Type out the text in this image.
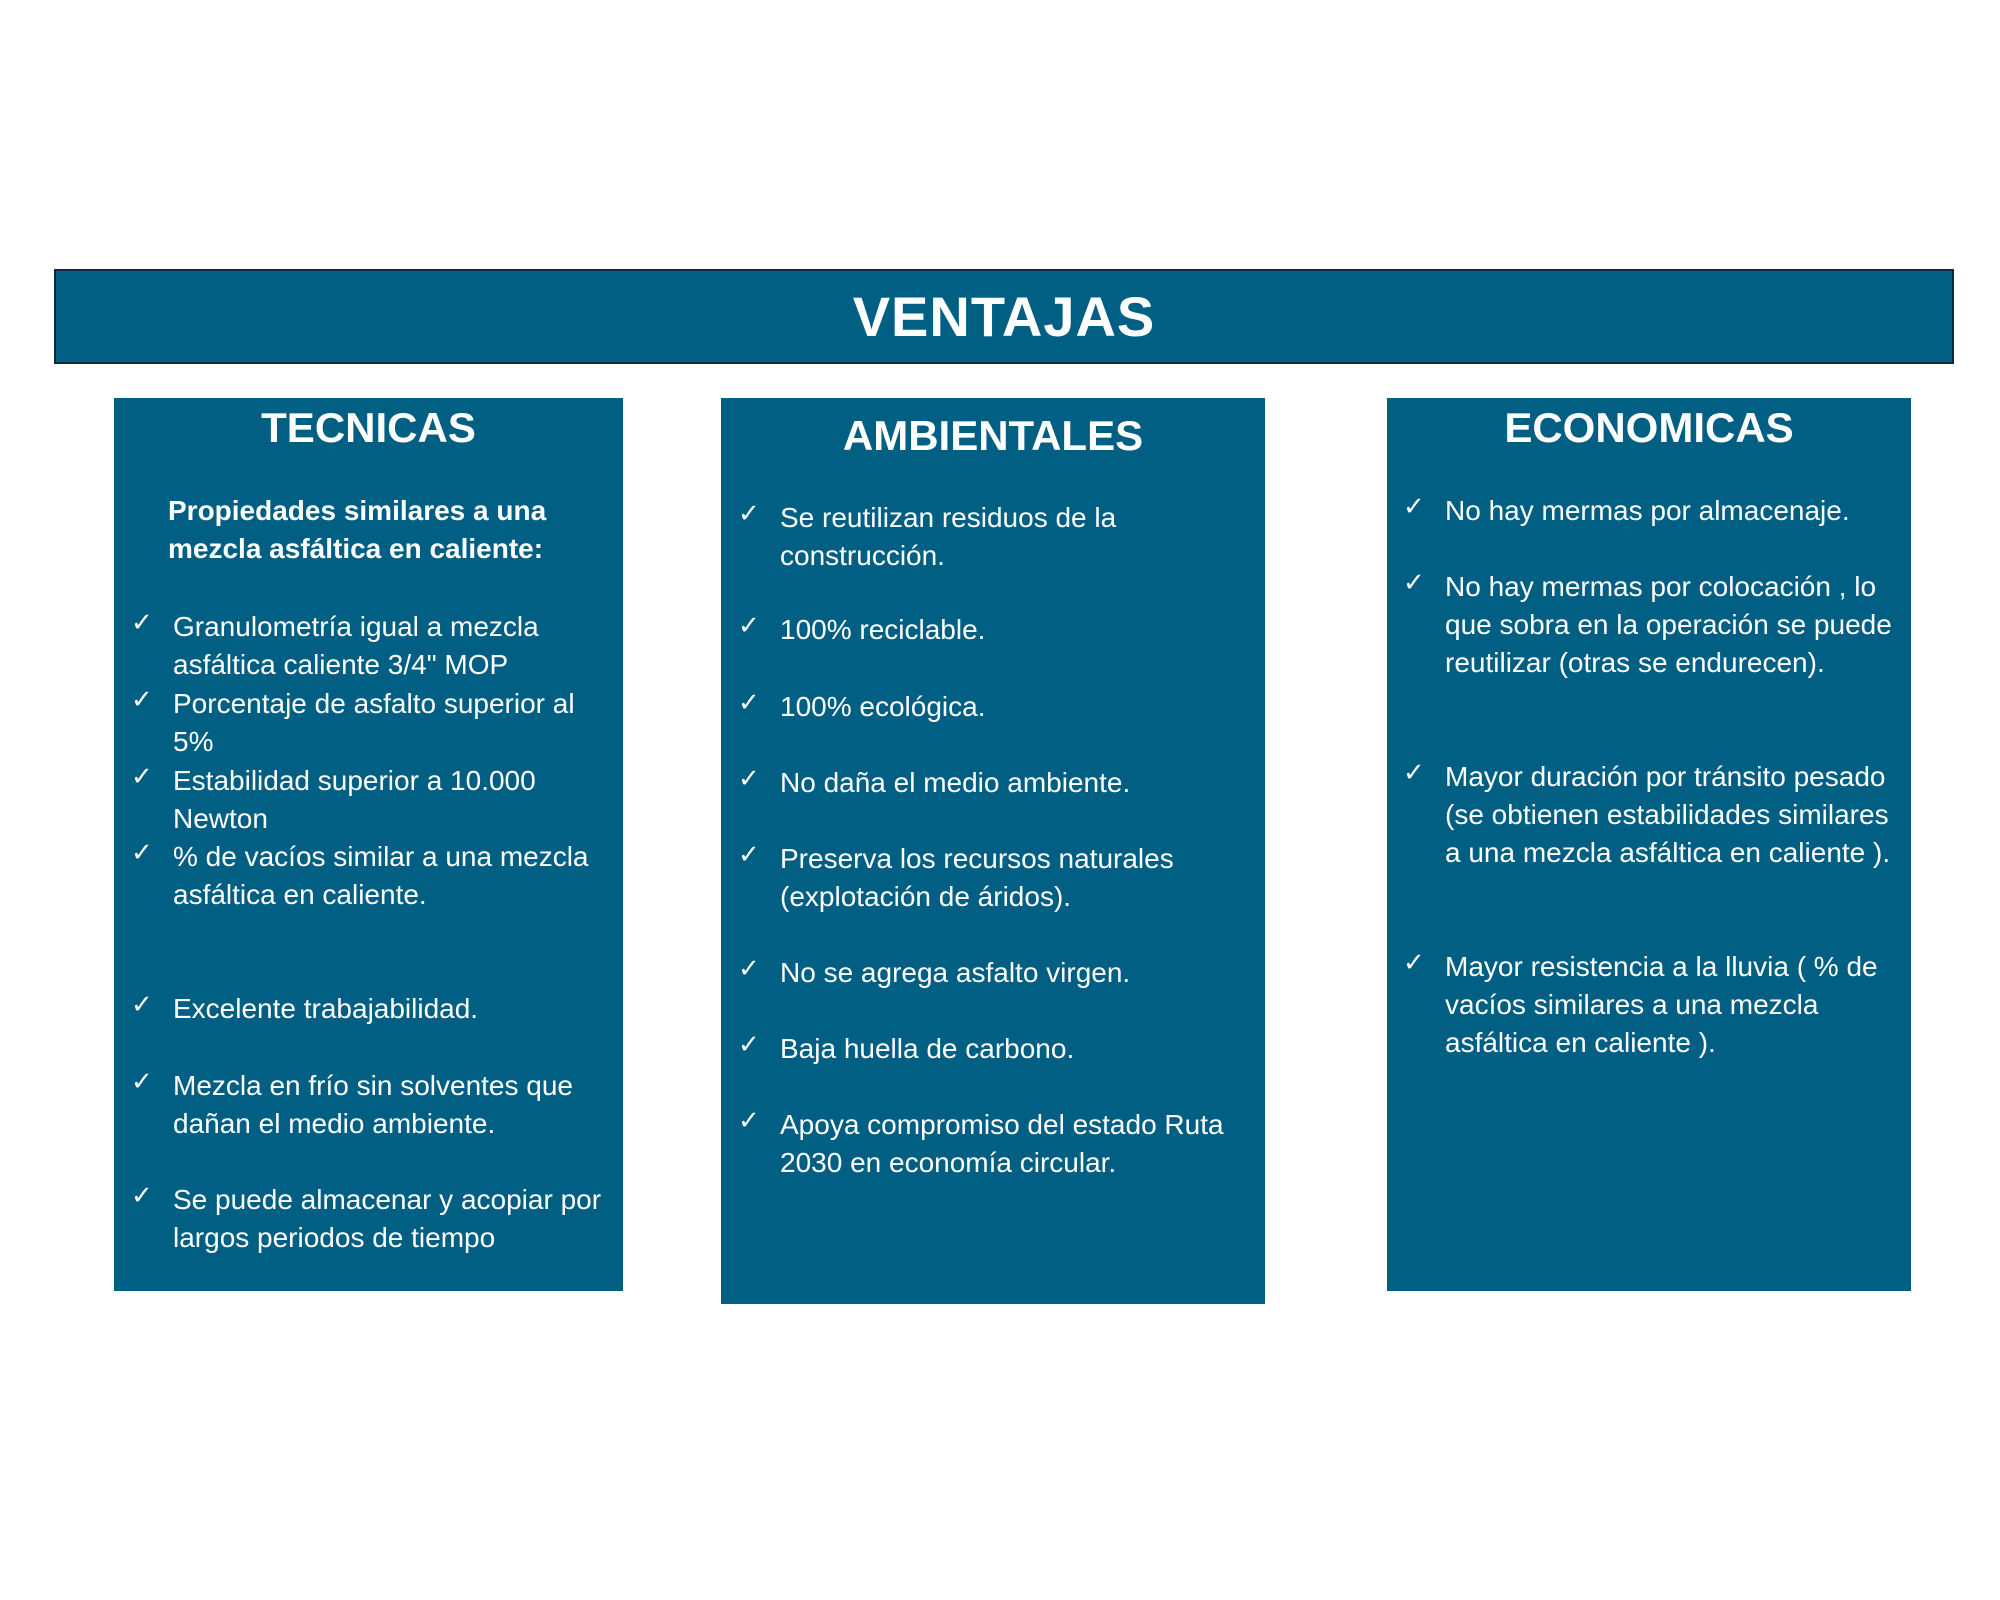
VENTAJAS
TECNICAS
Propiedades similares a una mezcla asfáltica en caliente:
✓ Granulometría igual a mezcla asfáltica caliente 3/4" MOP
✓ Porcentaje de asfalto superior al 5%
✓ Estabilidad superior a 10.000 Newton
✓ % de vacíos similar a una mezcla asfáltica en caliente.
✓ Excelente trabajabilidad.
✓ Mezcla en frío sin solventes que dañan el medio ambiente.
✓ Se puede almacenar y acopiar por largos periodos de tiempo
AMBIENTALES
✓ Se reutilizan residuos de la construcción.
✓ 100% reciclable.
✓ 100% ecológica.
✓ No daña el medio ambiente.
✓ Preserva los recursos naturales (explotación de áridos).
✓ No se agrega asfalto virgen.
✓ Baja huella de carbono.
✓ Apoya compromiso del estado Ruta 2030 en economía circular.
ECONOMICAS
✓ No hay mermas por almacenaje.
✓ No hay mermas por colocación , lo que sobra en la operación se puede reutilizar (otras se endurecen).
✓ Mayor duración por tránsito pesado (se obtienen estabilidades similares a una mezcla asfáltica en caliente ).
✓ Mayor resistencia a la lluvia ( % de vacíos similares a una mezcla asfáltica en caliente ).
